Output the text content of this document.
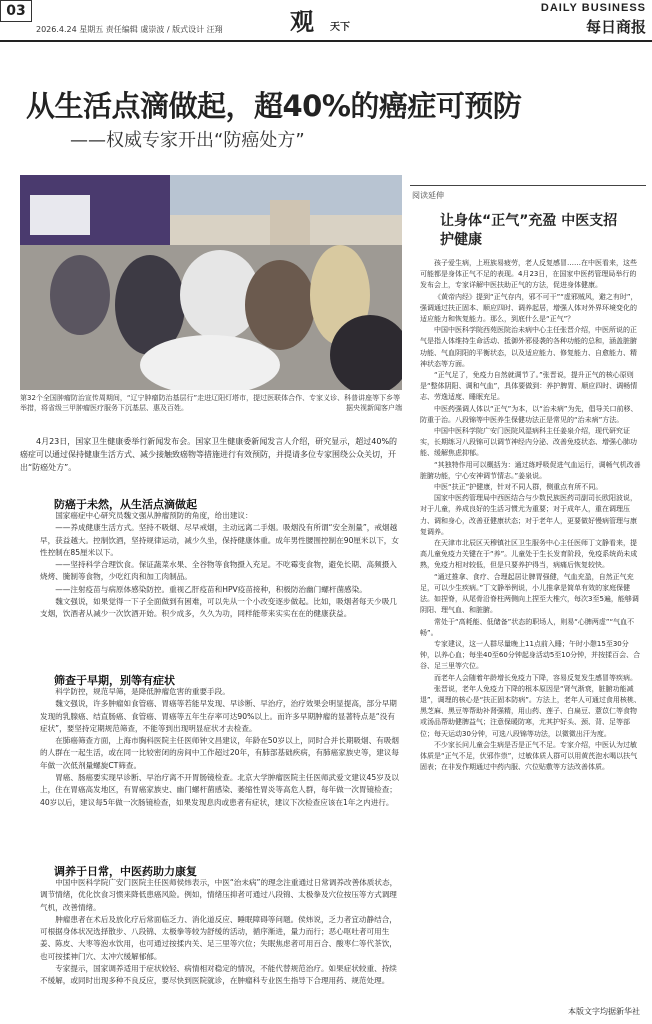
03
2026.4.24 星期五 责任编辑 虞崇波 / 版式设计 汪翔	观 天下
DAILY BUSINESS
每日商报
从生活点滴做起，超40%的癌症可预防
——权威专家开出“防癌处方”
第32个全国肿瘤防治宣传周期间，“辽宁肿瘤防治基层行”走进辽阳灯塔市，提过医联体合作、专家义诊、科普讲座等下乡等举措，将省级三甲肿瘤医疗服务下沉基层、惠及百姓。	据央视新闻客户端

4月23日，国家卫生健康委举行新闻发布会。国家卫生健康委新闻发言人介绍，研究显示，超过40%的癌症可以通过保持健康生活方式、减少接触致癌物等措施进行有效预防，并提请多位专家围绕公众关切，开出“防癌处方”。

防癌于未然，从生活点滴做起

国家癌症中心研究员魏文强从肿瘤预防的角度，给出建议：

——养成健康生活方式。坚持不吸烟、尽早戒烟，主动远离二手烟。吸烟没有所谓“安全剂量”，戒烟越早，获益越大。控制饮酒，坚持规律运动，减少久坐，保持健康体重。成年男性腰围控制在90厘米以下，女性控制在85厘米以下。

——坚持科学合理饮食。保证蔬菜水果、全谷物等食物摄入充足。不吃霉变食物，避免长期、高频摄入烧烤、腌制等食物，少吃红肉和加工肉制品。

——注射疫苗与病原体感染防控。重视乙肝疫苗和HPV疫苗接种，积极防治幽门螺杆菌感染。

魏文强说，如果觉得一下子全面做到有困难，可以先从一个小改变逐步做起。比如，吸烟者每天少吸几支烟，饮酒者从减少一次饮酒开始。积少成多，久久为功，同样能带来实实在在的健康获益。

筛查于早期，别等有症状

科学防控，规范早筛，是降低肿瘤危害的重要手段。

魏文强说，许多肿瘤如食管癌、胃癌等若能早发现、早诊断、早治疗，治疗效果会明显提高，部分早期发现的乳腺癌、结直肠癌、食管癌、胃癌等五年生存率可达90%以上。而许多早期肿瘤的显著特点是“没有症状”，要坚持定期规范筛查，不能等到出现明显症状才去检查。

在肺癌筛查方面，上海市胸科医院主任医师钟文昌建议，年龄在50岁以上，同时合并长期吸烟、有吸烟的人群在一起生活，或在同一比较密闭的房间中工作超过20年，有肺部基础疾病，有肺癌家族史等，建议每年做一次低剂量螺旋CT筛查。

胃癌、肠癌要实现早诊断、早治疗离不开胃肠镜检查。北京大学肿瘤医院主任医师武爱文建议45岁及以上，住在胃癌高发地区，有胃癌家族史、幽门螺杆菌感染、萎缩性胃炎等高危人群，每年做一次胃镜检查；40岁以后，建议每5年做一次肠镜检查，如果发现息肉或患者有症状，建议下次检查应该在1年之内进行。

调养于日常，中医药助力康复

中国中医科学院广安门医院主任医师侯炜表示，中医“治未病”的理念注重通过日常调养改善体质状态，调节情绪，优化饮食习惯来降低患癌风险。例如，情绪压抑者可通过八段锦、太极拳及穴位按压等方式调理气机，改善情绪。

肿瘤患者在术后及放化疗后常面临乏力、消化道反应、睡眠障碍等问题。侯炜说，乏力者宜动静结合，可根据身体状况选择散步、八段锦、太极拳等较为舒缓的活动，循序渐进，量力而行；恶心呕吐者可用生姜、陈皮、大枣等泡水饮用，也可通过按揉内关、足三里等穴位；失眠焦虑者可用百合、酸枣仁等代茶饮，也可按揉神门穴、太冲穴缓解郁郁。

专家提示，国家调养适用于症状较轻、病情相对稳定的情况，不能代替规范治疗。如果症状较重、持续不缓解，或同时出现多种不良反应，要尽快到医院就诊，在肿瘤科专业医生指导下合理用药、规范处理。

阅读延伸
让身体“正气”充盈 中医支招护健康

孩子爱生病，上班族易疲劳，老人反复感冒……在中医看来，这些可能都是身体正气不足的表现。4月23日，在国家中医药管理局举行的发布会上，专家详解中医扶助正气的方法，促进身体健康。

《黄帝内经》提到“正气存内，邪不可干”“虚邪贼风，避之有时”，强调通过扶正固本、顺应四时、调养起居，增强人体对外界环境变化的适应能力和恢复能力。那么，到底什么是“正气”？

中国中医科学院西苑医院治未病中心主任张晋介绍，中医所说的正气是指人体维持生命活动、抵御外邪侵袭的各种功能的总和，涵盖脏腑功能、气血阴阳的平衡状态，以及适应能力、修复能力、自愈能力、精神状态等方面。

“正气足了，免疫力自然就调节了。”张晋说，提升正气的核心原则是“整体阴阳、调和气血”，具体要做到：养护脾胃、顺应四时、调畅情志、劳逸适度、睡眠充足。

中医药强调人体以“正气”为本，以“治未病”为先，倡导关口前移、防重于治。八段锦等中医养生保健功法正是常见的“治未病”方法。

中国中医科学院广安门医院风湿病科主任姜泉介绍，现代研究证实，长期练习八段锦可以调节神经内分泌、改善免疫状态、增强心肺功能、缓解焦虑抑郁。

“其独特作用可以概括为：通过练呼吸促进气血运行，调畅气机改善脏腑功能，宁心安神调节情志。”姜泉说。

中医“扶正”护健康，针对不同人群，侧重点有所不同。

国家中医药管理局中西医结合与少数民族医药司副司长欧阳波说，对于儿童，养成良好的生活习惯尤为重要；对于成年人，重在调理压力、调和身心，改善亚健康状态；对于老年人，更要做好慢病管理与康复调养。

在天津市北辰区天穆镇社区卫生服务中心主任医师丁文静看来，提高儿童免疫力关键在于“养”。儿童处于生长发育阶段，免疫系统尚未成熟，免疫力相对较低，但是只要养护得当，病痛后恢复较快。

“通过推拿、食疗、合理起居让脾胃强健，气血充盈，自然正气充足，可以少生疾病。”丁文静举例说，小儿推拿是简单有效的家庭保健法。如捏脊，从尾骨沿脊柱两侧向上捏至大椎穴，每次3至5遍，能够调阴阳、理气血、和脏腑。

常处于“高耗能、低储备”状态的职场人，则易“心脾两虚”“气血不畅”。

专家建议，这一人群尽量晚上11点前入睡；午时小憩15至30分钟，以养心血；每坐40至60分钟起身活动5至10分钟，并按揉百会、合谷、足三里等穴位。

而老年人会随着年龄增长免疫力下降，容易反复发生感冒等疾病。

张晋说，老年人免疫力下降的根本原因是“肾气渐衰，脏腑功能减退”，调理的核心是“扶正固本防病”。方法上，老年人可通过食用核桃、黑芝麻、黑豆等帮助补肾强精，用山药、莲子、白扁豆、薏苡仁等食物或汤品帮助健脾益气；注意保暖防寒，尤其护好头、颈、背、足等部位；每天运动30分钟，可选八段锦等功法，以微微出汗为度。

不少家长问儿童会生病是否是正气不足。专家介绍，中医认为过敏体质是“正气不足，伏邪作祟”，过敏体质人群可以用黄芪泡水喝以扶气固表；在非发作期通过中药内服、穴位贴敷等方法改善体质。

本版文字均据新华社
